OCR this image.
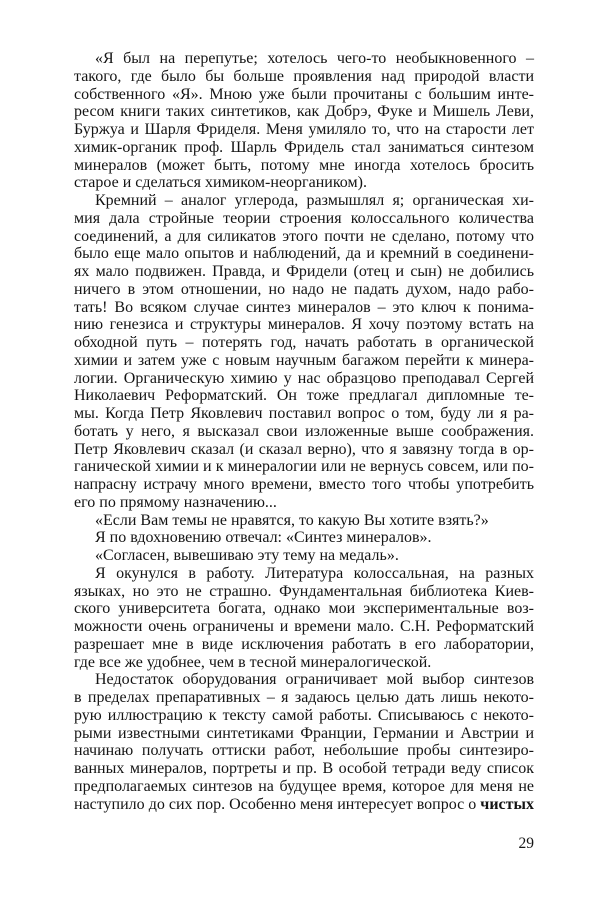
«Я был на перепутье; хотелось чего-то необыкновенного –
такого, где было бы больше проявления над природой власти
собственного «Я». Мною уже были прочитаны с большим инте-
ресом книги таких синтетиков, как Добрэ, Фуке и Мишель Леви,
Буржуа и Шарля Фриделя. Меня умиляло то, что на старости лет
химик-органик проф. Шарль Фридель стал заниматься синтезом
минералов (может быть, потому мне иногда хотелось бросить
старое и сделаться химиком-неоргаником).
Кремний – аналог углерода, размышлял я; органическая хи-
мия дала стройные теории строения колоссального количества
соединений, а для силикатов этого почти не сделано, потому что
было еще мало опытов и наблюдений, да и кремний в соединени-
ях мало подвижен. Правда, и Фридели (отец и сын) не добились
ничего в этом отношении, но надо не падать духом, надо рабо-
тать! Во всяком случае синтез минералов – это ключ к понима-
нию генезиса и структуры минералов. Я хочу поэтому встать на
обходной путь – потерять год, начать работать в органической
химии и затем уже с новым научным багажом перейти к минера-
логии. Органическую химию у нас образцово преподавал Сергей
Николаевич Реформатский. Он тоже предлагал дипломные те-
мы. Когда Петр Яковлевич поставил вопрос о том, буду ли я ра-
ботать у него, я высказал свои изложенные выше соображения.
Петр Яковлевич сказал (и сказал верно), что я завязну тогда в ор-
ганической химии и к минералогии или не вернусь совсем, или по-
напрасну истрачу много времени, вместо того чтобы употребить
его по прямому назначению...
«Если Вам темы не нравятся, то какую Вы хотите взять?»
Я по вдохновению отвечал: «Синтез минералов».
«Согласен, вывешиваю эту тему на медаль».
Я окунулся в работу. Литература колоссальная, на разных
языках, но это не страшно. Фундаментальная библиотека Киев-
ского университета богата, однако мои экспериментальные воз-
можности очень ограничены и времени мало. С.Н. Реформатский
разрешает мне в виде исключения работать в его лаборатории,
где все же удобнее, чем в тесной минералогической.
Недостаток оборудования ограничивает мой выбор синтезов
в пределах препаративных – я задаюсь целью дать лишь некото-
рую иллюстрацию к тексту самой работы. Списываюсь с некото-
рыми известными синтетиками Франции, Германии и Австрии и
начинаю получать оттиски работ, небольшие пробы синтезиро-
ванных минералов, портреты и пр. В особой тетради веду список
предполагаемых синтезов на будущее время, которое для меня не
наступило до сих пор. Особенно меня интересует вопрос о чистых
29
